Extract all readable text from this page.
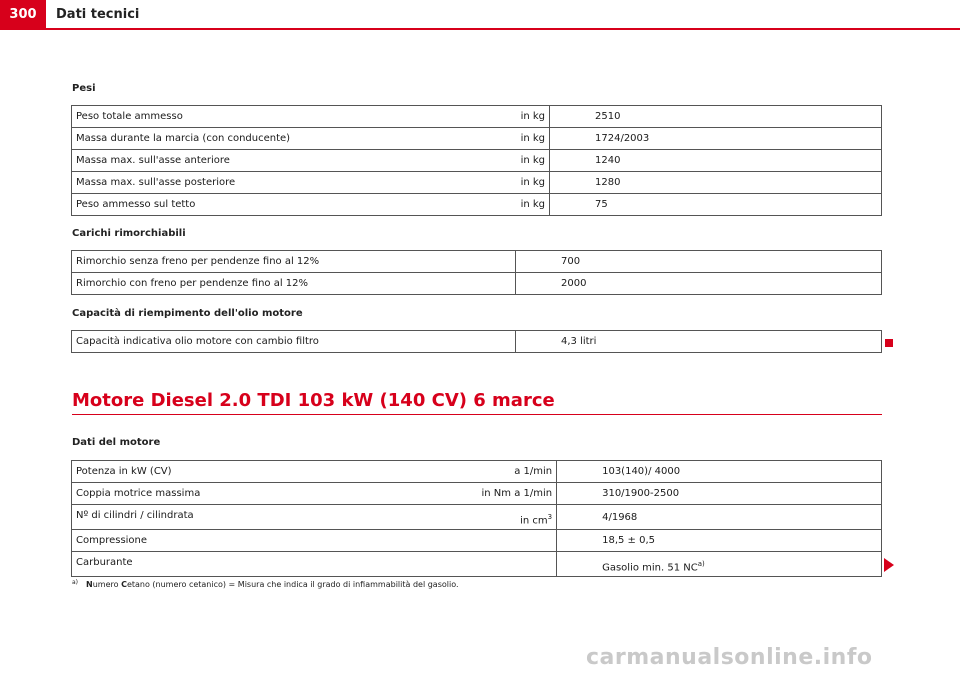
300	Dati tecnici
Pesi
Peso totale ammesso	in kg	2510
Massa durante la marcia (con conducente)	in kg	1724/2003
Massa max. sull'asse anteriore	in kg	1240
Massa max. sull'asse posteriore	in kg	1280
Peso ammesso sul tetto	in kg	75
Carichi rimorchiabili
Rimorchio senza freno per pendenze fino al 12%	700
Rimorchio con freno per pendenze fino al 12%	2000
Capacità di riempimento dell'olio motore
Capacità indicativa olio motore con cambio filtro	4,3 litri
Motore Diesel 2.0 TDI 103 kW (140 CV) 6 marce
Dati del motore
Potenza in kW (CV)	a 1/min	103(140)/ 4000
Coppia motrice massima	in Nm a 1/min	310/1900-2500
Nº di cilindri / cilindrata	in $cm^3$	4/1968
Compressione		18,5 ± 0,5
Carburante		Gasolio min. 51 NC$^{a)}$
$^{a)}$ Numero Cetano (numero cetanico) = Misura che indica il grado di infiammabilità del gasolio.
carmanualsonline.info
